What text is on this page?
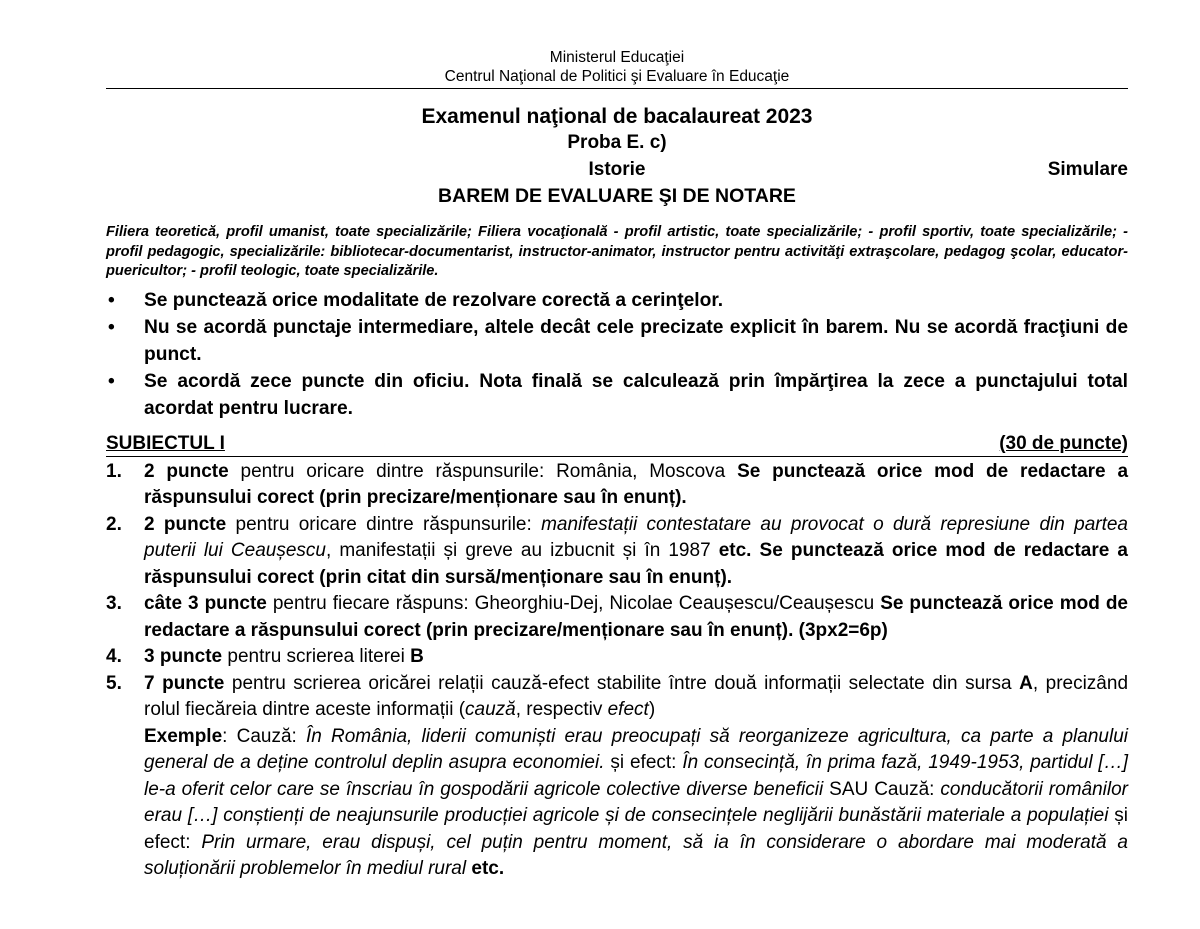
Ministerul Educaţiei
Centrul Naţional de Politici şi Evaluare în Educaţie
Examenul naţional de bacalaureat 2023
Proba E. c)
Istorie	Simulare
BAREM DE EVALUARE ŞI DE NOTARE
Filiera teoretică, profil umanist, toate specializările; Filiera vocaţională - profil artistic, toate specializările; - profil sportiv, toate specializările; - profil pedagogic, specializările: bibliotecar-documentarist, instructor-animator, instructor pentru activităţi extraşcolare, pedagog şcolar, educator-puericultor; - profil teologic, toate specializările.
• Se punctează orice modalitate de rezolvare corectă a cerinţelor.
• Nu se acordă punctaje intermediare, altele decât cele precizate explicit în barem. Nu se acordă fracţiuni de punct.
• Se acordă zece puncte din oficiu. Nota finală se calculează prin împărţirea la zece a punctajului total acordat pentru lucrare.
SUBIECTUL I	(30 de puncte)
1. 2 puncte pentru oricare dintre răspunsurile: România, Moscova Se punctează orice mod de redactare a răspunsului corect (prin precizare/menționare sau în enunț).
2. 2 puncte pentru oricare dintre răspunsurile: manifestații contestatare au provocat o dură represiune din partea puterii lui Ceaușescu, manifestații și greve au izbucnit și în 1987 etc. Se punctează orice mod de redactare a răspunsului corect (prin citat din sursă/menționare sau în enunț).
3. câte 3 puncte pentru fiecare răspuns: Gheorghiu-Dej, Nicolae Ceaușescu/Ceaușescu Se punctează orice mod de redactare a răspunsului corect (prin precizare/menționare sau în enunț). (3px2=6p)
4. 3 puncte pentru scrierea literei B
5. 7 puncte pentru scrierea oricărei relații cauză-efect stabilite între două informații selectate din sursa A, precizând rolul fiecăreia dintre aceste informații (cauză, respectiv efect)
Exemple: Cauză: În România, liderii comuniști erau preocupați să reorganizeze agricultura, ca parte a planului general de a deține controlul deplin asupra economiei. și efect: În consecință, în prima fază, 1949-1953, partidul […] le-a oferit celor care se înscriau în gospodării agricole colective diverse beneficii SAU Cauză: conducătorii românilor erau […] conștienți de neajunsurile producției agricole și de consecințele neglijării bunăstării materiale a populației și efect: Prin urmare, erau dispuși, cel puțin pentru moment, să ia în considerare o abordare mai moderată a soluționării problemelor în mediul rural etc.
